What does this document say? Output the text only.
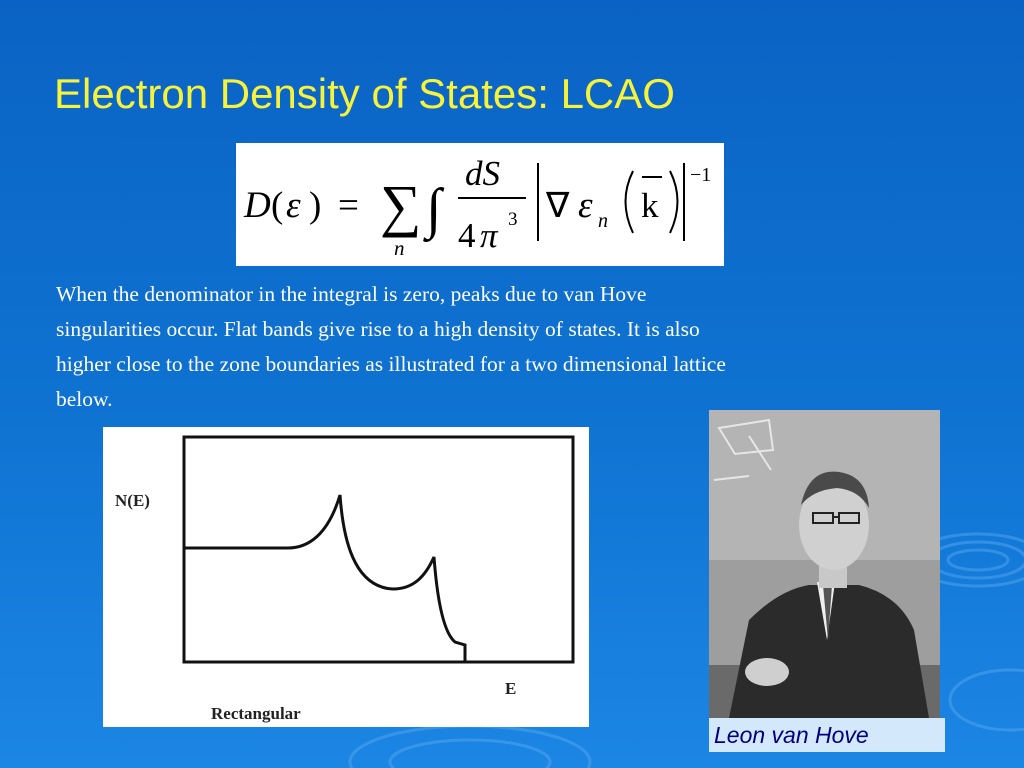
Electron Density of States: LCAO
D ( ε ) = ∑
n
∫
dS
4 π 3 ∇ ε n k
−1
When the denominator in the integral is zero, peaks due to van Hove
singularities occur. Flat bands give rise to a high density of states. It is also
higher close to the zone boundaries as illustrated for a two dimensional lattice
below.
N(E)
E
Rectangular
Leon van Hove
